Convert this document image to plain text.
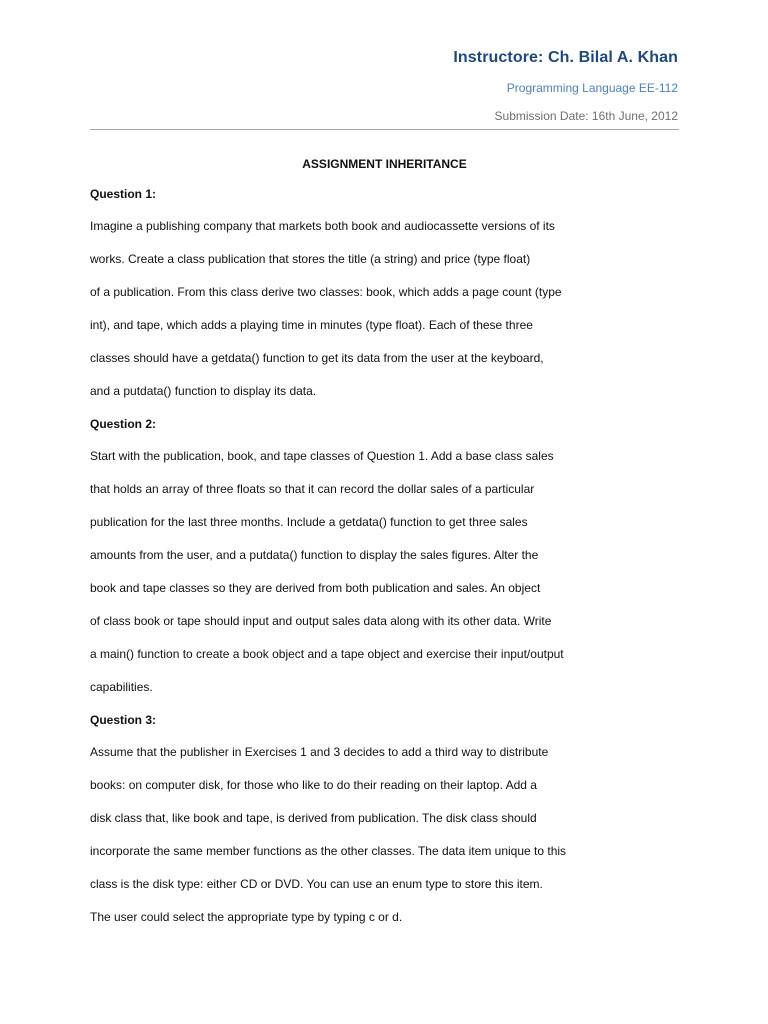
Instructore: Ch. Bilal A. Khan
Programming Language EE-112
Submission Date: 16th June, 2012
ASSIGNMENT INHERITANCE
Question 1:
Imagine a publishing company that markets both book and audiocassette versions of its
works. Create a class publication that stores the title (a string) and price (type float)
of a publication. From this class derive two classes: book, which adds a page count (type
int), and tape, which adds a playing time in minutes (type float). Each of these three
classes should have a getdata() function to get its data from the user at the keyboard,
and a putdata() function to display its data.
Question 2:
Start with the publication, book, and tape classes of Question 1. Add a base class sales
that holds an array of three floats so that it can record the dollar sales of a particular
publication for the last three months. Include a getdata() function to get three sales
amounts from the user, and a putdata() function to display the sales figures. Alter the
book and tape classes so they are derived from both publication and sales. An object
of class book or tape should input and output sales data along with its other data. Write
a main() function to create a book object and a tape object and exercise their input/output
capabilities.
Question 3:
Assume that the publisher in Exercises 1 and 3 decides to add a third way to distribute
books: on computer disk, for those who like to do their reading on their laptop. Add a
disk class that, like book and tape, is derived from publication. The disk class should
incorporate the same member functions as the other classes. The data item unique to this
class is the disk type: either CD or DVD. You can use an enum type to store this item.
The user could select the appropriate type by typing c or d.
